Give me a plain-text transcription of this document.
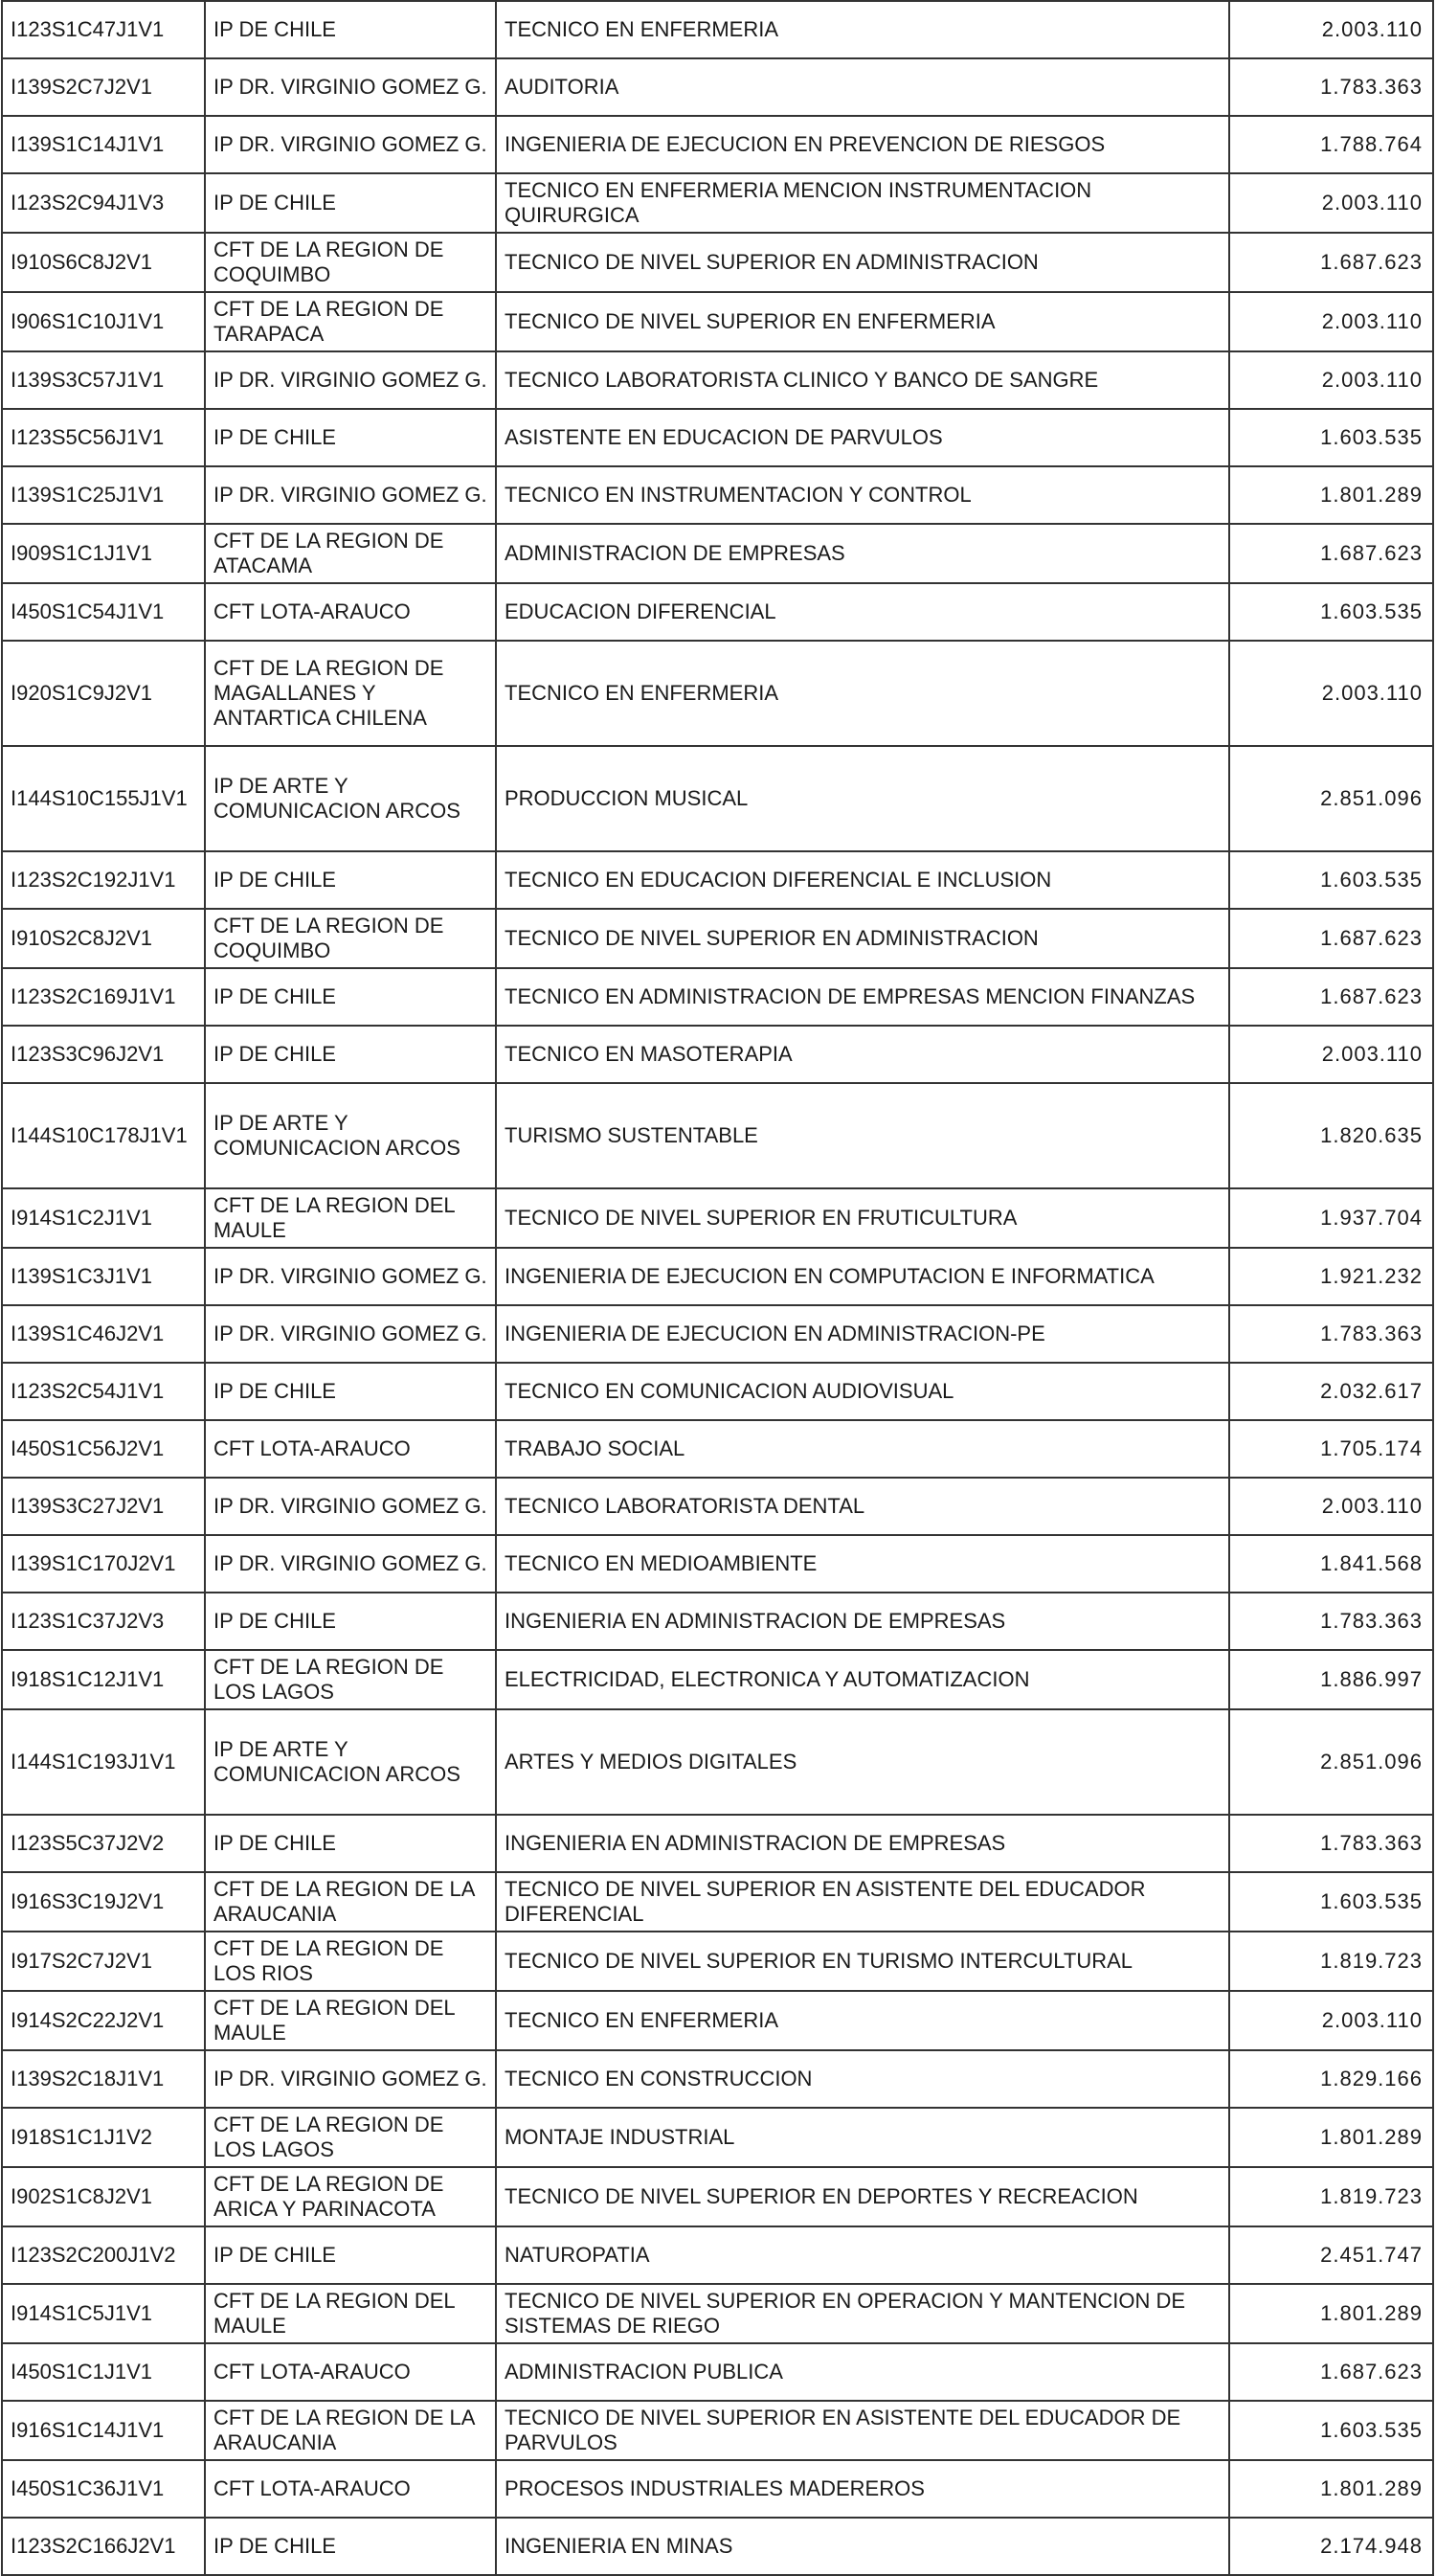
I123S1C47J1V1	IP DE CHILE	TECNICO EN ENFERMERIA	2.003.110
I139S2C7J2V1	IP DR. VIRGINIO GOMEZ G.	AUDITORIA	1.783.363
I139S1C14J1V1	IP DR. VIRGINIO GOMEZ G.	INGENIERIA DE EJECUCION EN PREVENCION DE RIESGOS	1.788.764
I123S2C94J1V3	IP DE CHILE	TECNICO EN ENFERMERIA MENCION INSTRUMENTACION QUIRURGICA	2.003.110
I910S6C8J2V1	CFT DE LA REGION DE COQUIMBO	TECNICO DE NIVEL SUPERIOR EN ADMINISTRACION	1.687.623
I906S1C10J1V1	CFT DE LA REGION DE TARAPACA	TECNICO DE NIVEL SUPERIOR EN ENFERMERIA	2.003.110
I139S3C57J1V1	IP DR. VIRGINIO GOMEZ G.	TECNICO LABORATORISTA CLINICO Y BANCO DE SANGRE	2.003.110
I123S5C56J1V1	IP DE CHILE	ASISTENTE EN EDUCACION DE PARVULOS	1.603.535
I139S1C25J1V1	IP DR. VIRGINIO GOMEZ G.	TECNICO EN INSTRUMENTACION Y CONTROL	1.801.289
I909S1C1J1V1	CFT DE LA REGION DE ATACAMA	ADMINISTRACION DE EMPRESAS	1.687.623
I450S1C54J1V1	CFT LOTA-ARAUCO	EDUCACION DIFERENCIAL	1.603.535
I920S1C9J2V1	CFT DE LA REGION DE MAGALLANES Y ANTARTICA CHILENA	TECNICO EN ENFERMERIA	2.003.110
I144S10C155J1V1	IP DE ARTE Y COMUNICACION ARCOS	PRODUCCION MUSICAL	2.851.096
I123S2C192J1V1	IP DE CHILE	TECNICO EN EDUCACION DIFERENCIAL E INCLUSION	1.603.535
I910S2C8J2V1	CFT DE LA REGION DE COQUIMBO	TECNICO DE NIVEL SUPERIOR EN ADMINISTRACION	1.687.623
I123S2C169J1V1	IP DE CHILE	TECNICO EN ADMINISTRACION DE EMPRESAS MENCION FINANZAS	1.687.623
I123S3C96J2V1	IP DE CHILE	TECNICO EN MASOTERAPIA	2.003.110
I144S10C178J1V1	IP DE ARTE Y COMUNICACION ARCOS	TURISMO SUSTENTABLE	1.820.635
I914S1C2J1V1	CFT DE LA REGION DEL MAULE	TECNICO DE NIVEL SUPERIOR EN FRUTICULTURA	1.937.704
I139S1C3J1V1	IP DR. VIRGINIO GOMEZ G.	INGENIERIA DE EJECUCION EN COMPUTACION E INFORMATICA	1.921.232
I139S1C46J2V1	IP DR. VIRGINIO GOMEZ G.	INGENIERIA DE EJECUCION EN ADMINISTRACION-PE	1.783.363
I123S2C54J1V1	IP DE CHILE	TECNICO EN COMUNICACION AUDIOVISUAL	2.032.617
I450S1C56J2V1	CFT LOTA-ARAUCO	TRABAJO SOCIAL	1.705.174
I139S3C27J2V1	IP DR. VIRGINIO GOMEZ G.	TECNICO LABORATORISTA DENTAL	2.003.110
I139S1C170J2V1	IP DR. VIRGINIO GOMEZ G.	TECNICO EN MEDIOAMBIENTE	1.841.568
I123S1C37J2V3	IP DE CHILE	INGENIERIA EN ADMINISTRACION DE EMPRESAS	1.783.363
I918S1C12J1V1	CFT DE LA REGION DE LOS LAGOS	ELECTRICIDAD, ELECTRONICA Y AUTOMATIZACION	1.886.997
I144S1C193J1V1	IP DE ARTE Y COMUNICACION ARCOS	ARTES Y MEDIOS DIGITALES	2.851.096
I123S5C37J2V2	IP DE CHILE	INGENIERIA EN ADMINISTRACION DE EMPRESAS	1.783.363
I916S3C19J2V1	CFT DE LA REGION DE LA ARAUCANIA	TECNICO DE NIVEL SUPERIOR EN ASISTENTE DEL EDUCADOR DIFERENCIAL	1.603.535
I917S2C7J2V1	CFT DE LA REGION DE LOS RIOS	TECNICO DE NIVEL SUPERIOR EN TURISMO INTERCULTURAL	1.819.723
I914S2C22J2V1	CFT DE LA REGION DEL MAULE	TECNICO EN ENFERMERIA	2.003.110
I139S2C18J1V1	IP DR. VIRGINIO GOMEZ G.	TECNICO EN CONSTRUCCION	1.829.166
I918S1C1J1V2	CFT DE LA REGION DE LOS LAGOS	MONTAJE INDUSTRIAL	1.801.289
I902S1C8J2V1	CFT DE LA REGION DE ARICA Y PARINACOTA	TECNICO DE NIVEL SUPERIOR EN DEPORTES Y RECREACION	1.819.723
I123S2C200J1V2	IP DE CHILE	NATUROPATIA	2.451.747
I914S1C5J1V1	CFT DE LA REGION DEL MAULE	TECNICO DE NIVEL SUPERIOR EN OPERACION Y MANTENCION DE SISTEMAS DE RIEGO	1.801.289
I450S1C1J1V1	CFT LOTA-ARAUCO	ADMINISTRACION PUBLICA	1.687.623
I916S1C14J1V1	CFT DE LA REGION DE LA ARAUCANIA	TECNICO DE NIVEL SUPERIOR EN ASISTENTE DEL EDUCADOR DE PARVULOS	1.603.535
I450S1C36J1V1	CFT LOTA-ARAUCO	PROCESOS INDUSTRIALES MADEREROS	1.801.289
I123S2C166J2V1	IP DE CHILE	INGENIERIA EN MINAS	2.174.948
